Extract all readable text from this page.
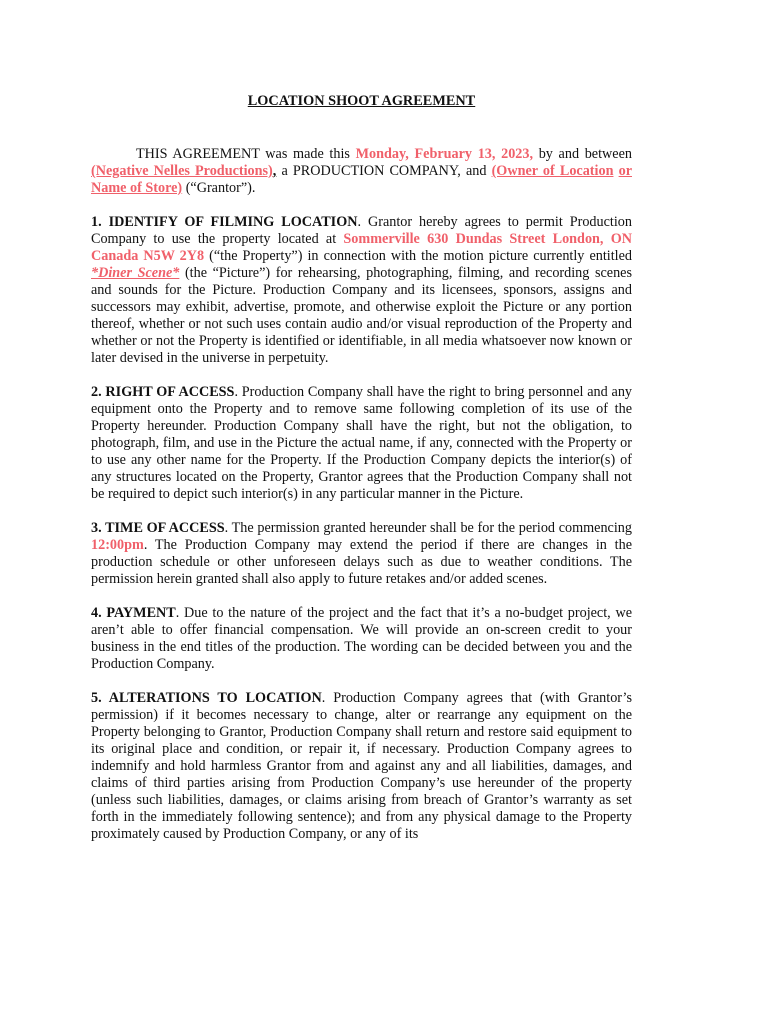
LOCATION SHOOT AGREEMENT

THIS AGREEMENT was made this Monday, February 13, 2023, by and between (Negative Nelles Productions), a PRODUCTION COMPANY, and (Owner of Location or Name of Store) (“Grantor”).

1. IDENTIFY OF FILMING LOCATION. Grantor hereby agrees to permit Production Company to use the property located at Sommerville 630 Dundas Street London, ON Canada N5W 2Y8 (“the Property”) in connection with the motion picture currently entitled *Diner Scene* (the “Picture”) for rehearsing, photographing, filming, and recording scenes and sounds for the Picture. Production Company and its licensees, sponsors, assigns and successors may exhibit, advertise, promote, and otherwise exploit the Picture or any portion thereof, whether or not such uses contain audio and/or visual reproduction of the Property and whether or not the Property is identified or identifiable, in all media whatsoever now known or later devised in the universe in perpetuity.

2. RIGHT OF ACCESS. Production Company shall have the right to bring personnel and any equipment onto the Property and to remove same following completion of its use of the Property hereunder. Production Company shall have the right, but not the obligation, to photograph, film, and use in the Picture the actual name, if any, connected with the Property or to use any other name for the Property. If the Production Company depicts the interior(s) of any structures located on the Property, Grantor agrees that the Production Company shall not be required to depict such interior(s) in any particular manner in the Picture.

3. TIME OF ACCESS. The permission granted hereunder shall be for the period commencing 12:00pm. The Production Company may extend the period if there are changes in the production schedule or other unforeseen delays such as due to weather conditions. The permission herein granted shall also apply to future retakes and/or added scenes.

4. PAYMENT. Due to the nature of the project and the fact that it’s a no-budget project, we aren’t able to offer financial compensation. We will provide an on-screen credit to your business in the end titles of the production. The wording can be decided between you and the Production Company.

5. ALTERATIONS TO LOCATION. Production Company agrees that (with Grantor’s permission) if it becomes necessary to change, alter or rearrange any equipment on the Property belonging to Grantor, Production Company shall return and restore said equipment to its original place and condition, or repair it, if necessary. Production Company agrees to indemnify and hold harmless Grantor from and against any and all liabilities, damages, and claims of third parties arising from Production Company’s use hereunder of the property (unless such liabilities, damages, or claims arising from breach of Grantor’s warranty as set forth in the immediately following sentence); and from any physical damage to the Property proximately caused by Production Company, or any of its
